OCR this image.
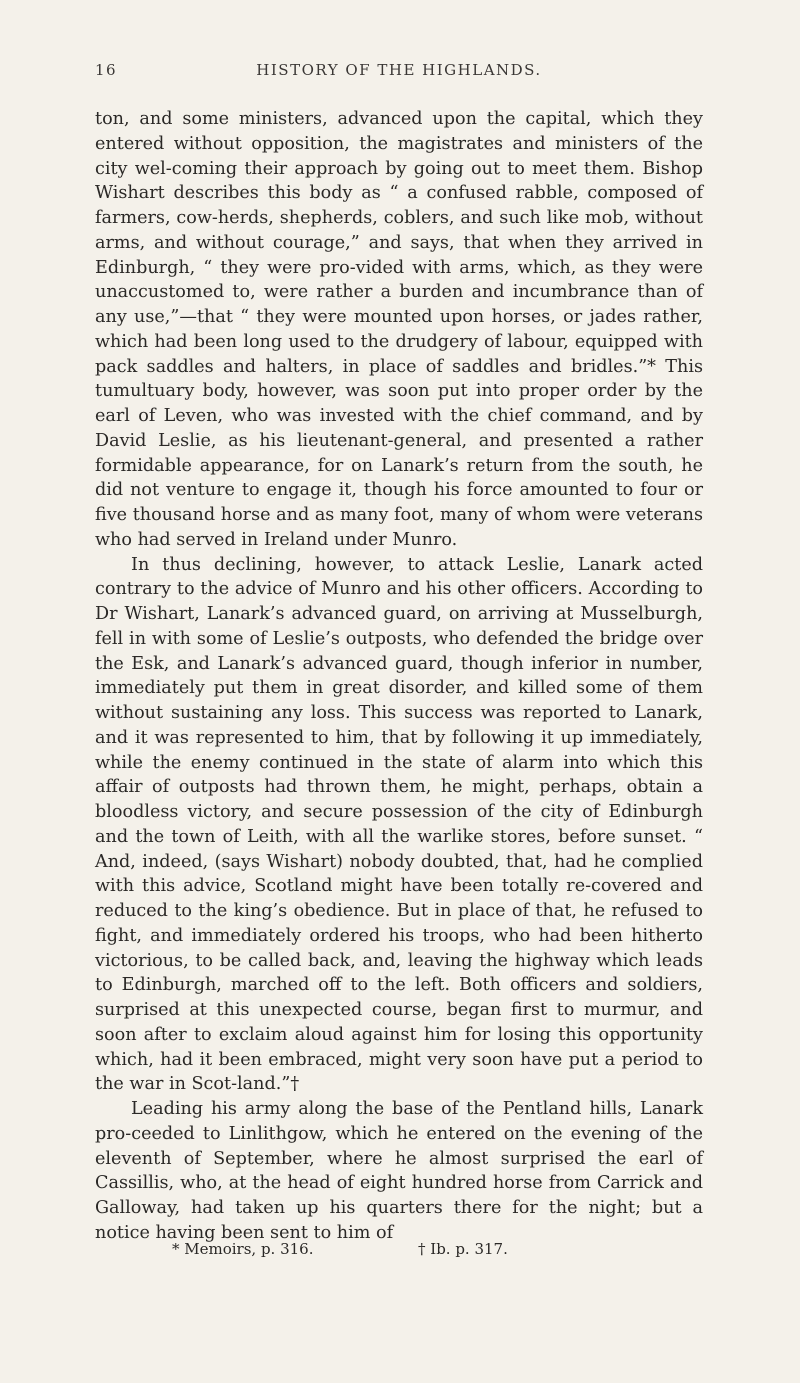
16	HISTORY OF THE HIGHLANDS.

ton, and some ministers, advanced upon the capital, which they entered without opposition, the magistrates and ministers of the city wel-coming their approach by going out to meet them. Bishop Wishart describes this body as “ a confused rabble, composed of farmers, cow-herds, shepherds, coblers, and such like mob, without arms, and without courage,” and says, that when they arrived in Edinburgh, “ they were pro-vided with arms, which, as they were unaccustomed to, were rather a burden and incumbrance than of any use,”—that “ they were mounted upon horses, or jades rather, which had been long used to the drudgery of labour, equipped with pack saddles and halters, in place of saddles and bridles.”* This tumultuary body, however, was soon put into proper order by the earl of Leven, who was invested with the chief command, and by David Leslie, as his lieutenant-general, and presented a rather formidable appearance, for on Lanark’s return from the south, he did not venture to engage it, though his force amounted to four or five thousand horse and as many foot, many of whom were veterans who had served in Ireland under Munro.

In thus declining, however, to attack Leslie, Lanark acted contrary to the advice of Munro and his other officers. According to Dr Wishart, Lanark’s advanced guard, on arriving at Musselburgh, fell in with some of Leslie’s outposts, who defended the bridge over the Esk, and Lanark’s advanced guard, though inferior in number, immediately put them in great disorder, and killed some of them without sustaining any loss. This success was reported to Lanark, and it was represented to him, that by following it up immediately, while the enemy continued in the state of alarm into which this affair of outposts had thrown them, he might, perhaps, obtain a bloodless victory, and secure possession of the city of Edinburgh and the town of Leith, with all the warlike stores, before sunset. “ And, indeed, (says Wishart) nobody doubted, that, had he complied with this advice, Scotland might have been totally re-covered and reduced to the king’s obedience. But in place of that, he refused to fight, and immediately ordered his troops, who had been hitherto victorious, to be called back, and, leaving the highway which leads to Edinburgh, marched off to the left. Both officers and soldiers, surprised at this unexpected course, began first to murmur, and soon after to exclaim aloud against him for losing this opportunity which, had it been embraced, might very soon have put a period to the war in Scot-land.”†

Leading his army along the base of the Pentland hills, Lanark pro-ceeded to Linlithgow, which he entered on the evening of the eleventh of September, where he almost surprised the earl of Cassillis, who, at the head of eight hundred horse from Carrick and Galloway, had taken up his quarters there for the night; but a notice having been sent to him of

* Memoirs, p. 316.	† Ib. p. 317.
